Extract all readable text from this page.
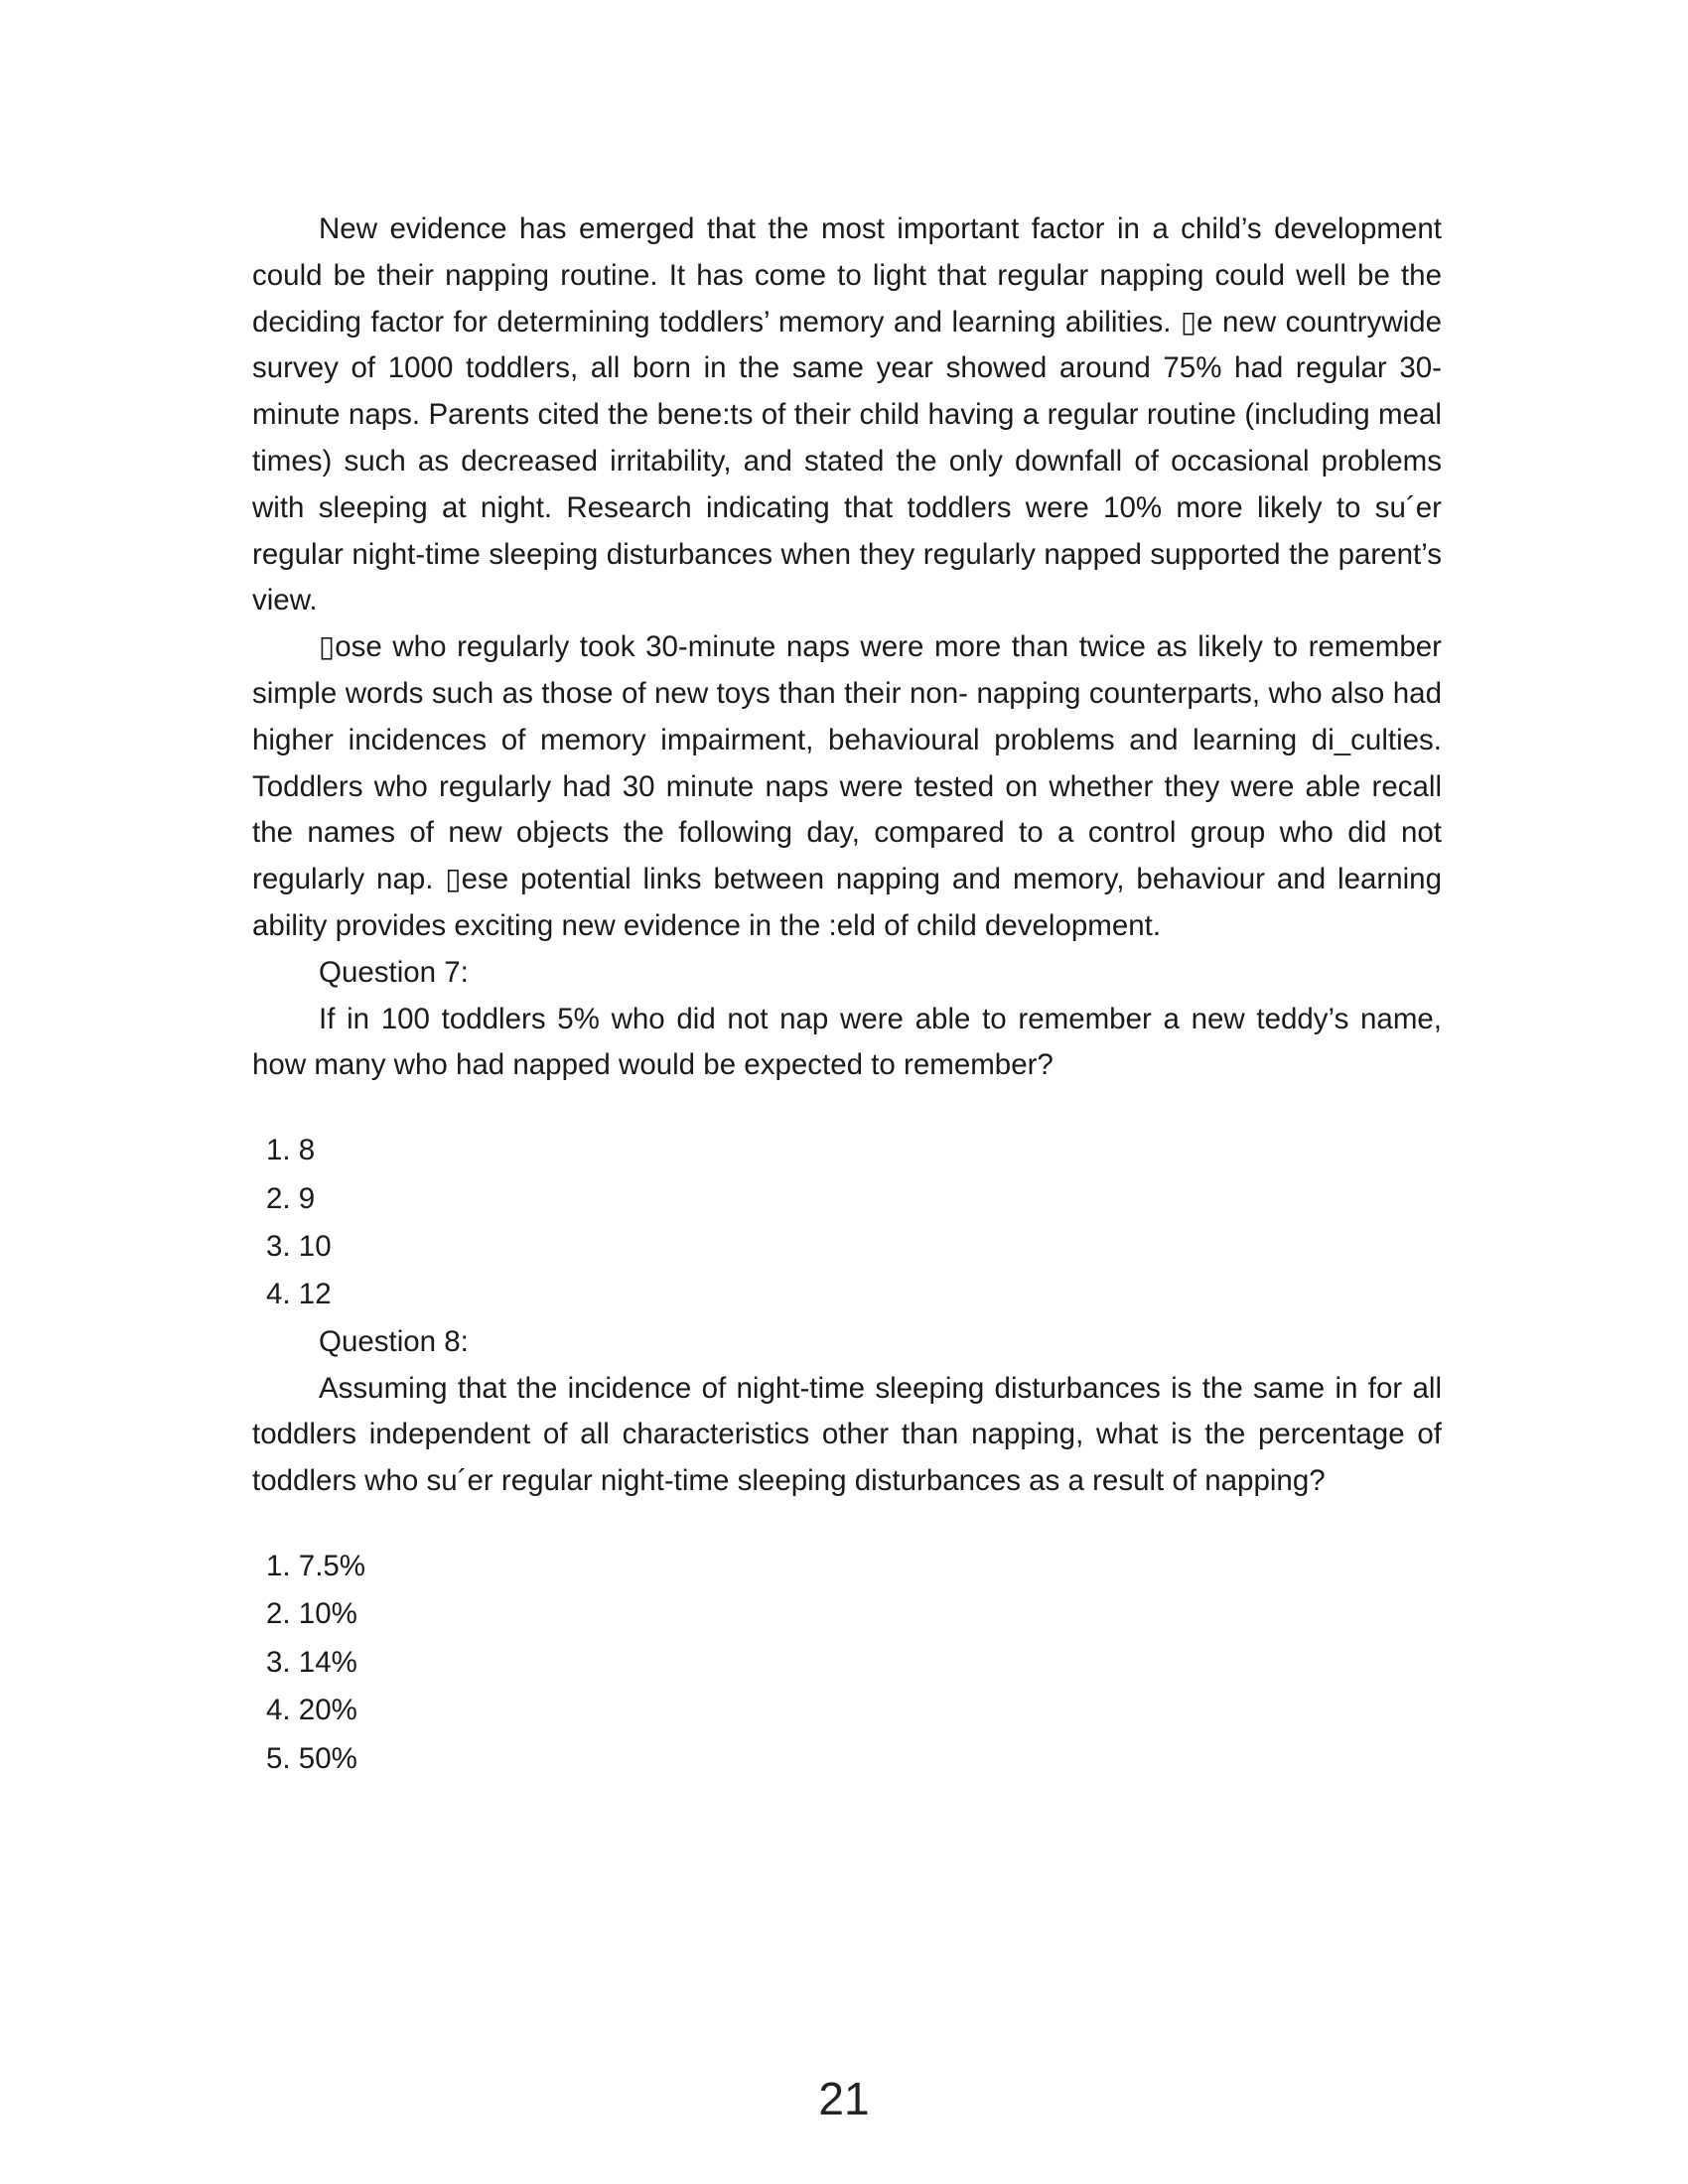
New evidence has emerged that the most important factor in a child’s development could be their napping routine. It has come to light that regular napping could well be the deciding factor for determining toddlers’ memory and learning abilities. ▯e new countrywide survey of 1000 toddlers, all born in the same year showed around 75% had regular 30- minute naps. Parents cited the bene:ts of their child having a regular routine (including meal times) such as decreased irritability, and stated the only downfall of occasional problems with sleeping at night. Research indicating that toddlers were 10% more likely to su´er regular night-time sleeping disturbances when they regularly napped supported the parent’s view.

▯ose who regularly took 30-minute naps were more than twice as likely to remember simple words such as those of new toys than their non- napping counterparts, who also had higher incidences of memory impairment, behavioural problems and learning di_culties. Toddlers who regularly had 30 minute naps were tested on whether they were able recall the names of new objects the following day, compared to a control group who did not regularly nap. ▯ese potential links between napping and memory, behaviour and learning ability provides exciting new evidence in the :eld of child development.

Question 7:

If in 100 toddlers 5% who did not nap were able to remember a new teddy’s name, how many who had napped would be expected to remember?

1. 8
2. 9
3. 10
4. 12

Question 8:

Assuming that the incidence of night-time sleeping disturbances is the same in for all toddlers independent of all characteristics other than napping, what is the percentage of toddlers who su´er regular night-time sleeping disturbances as a result of napping?

1. 7.5%
2. 10%
3. 14%
4. 20%
5. 50%
21
